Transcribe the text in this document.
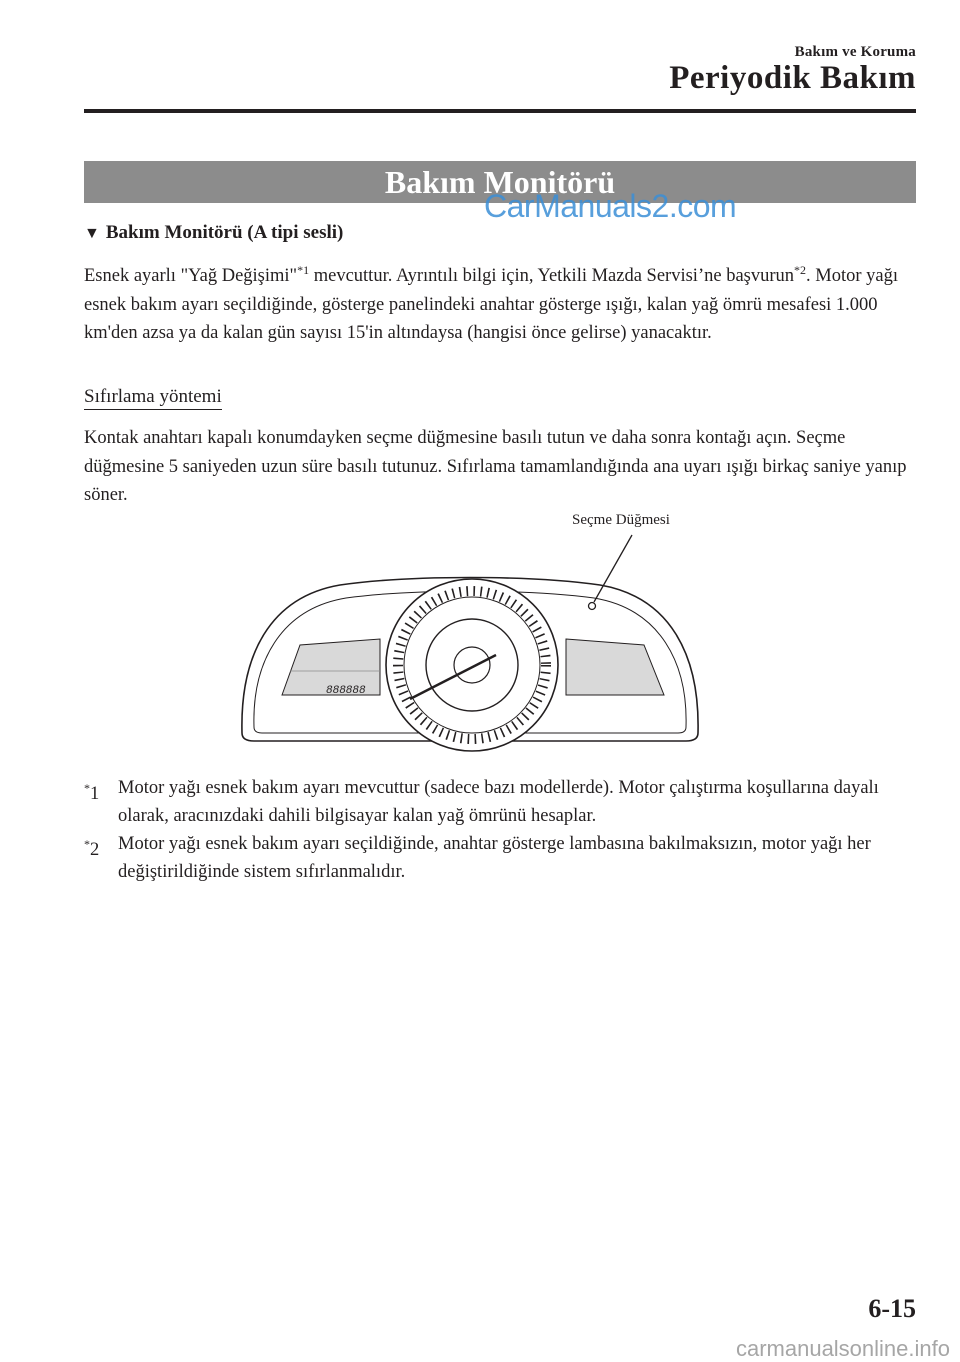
Bakım ve Koruma
Periyodik Bakım
Bakım Monitörü
CarManuals2.com
▼ Bakım Monitörü (A tipi sesli)
Esnek ayarlı "Yağ Değişimi"$^{*1}$ mevcuttur. Ayrıntılı bilgi için, Yetkili Mazda Servisi’ne başvurun$^{*2}$. Motor yağı esnek bakım ayarı seçildiğinde, gösterge panelindeki anahtar gösterge ışığı, kalan yağ ömrü mesafesi 1.000 km'den azsa ya da kalan gün sayısı 15'in altındaysa (hangisi önce gelirse) yanacaktır.
Sıfırlama yöntemi
Kontak anahtarı kapalı konumdayken seçme düğmesine basılı tutun ve daha sonra kontağı açın. Seçme düğmesine 5 saniyeden uzun süre basılı tutunuz. Sıfırlama tamamlandığında ana uyarı ışığı birkaç saniye yanıp söner.
Seçme Düğmesi
888888
*1 Motor yağı esnek bakım ayarı mevcuttur (sadece bazı modellerde). Motor çalıştırma koşullarına dayalı olarak, aracınızdaki dahili bilgisayar kalan yağ ömrünü hesaplar.
*2 Motor yağı esnek bakım ayarı seçildiğinde, anahtar gösterge lambasına bakılmaksızın, motor yağı her değiştirildiğinde sistem sıfırlanmalıdır.
6-15
carmanualsonline.info
